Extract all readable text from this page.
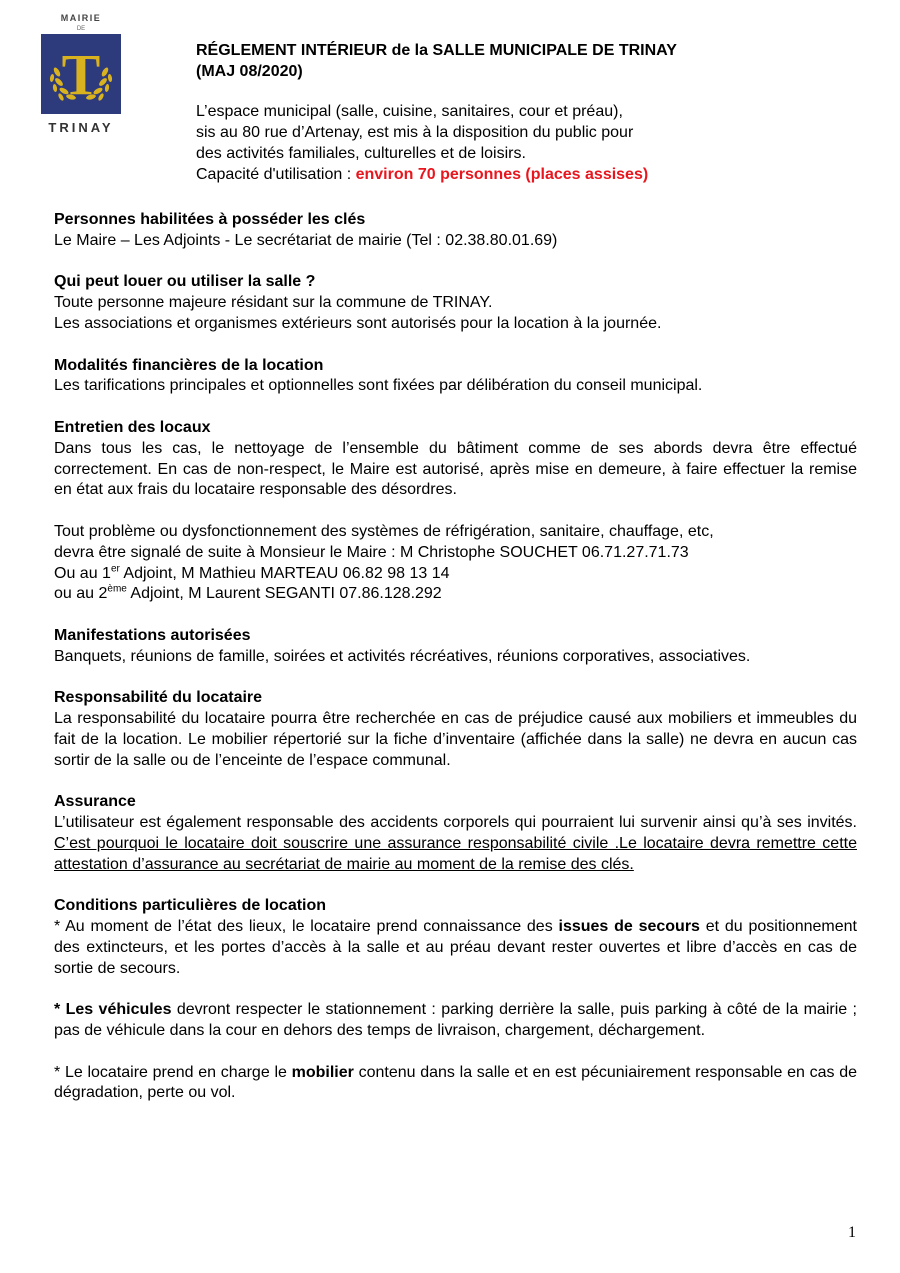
MAIRIE
DE
T
TRINAY
RÉGLEMENT INTÉRIEUR de la SALLE MUNICIPALE DE TRINAY
(MAJ 08/2020)
L’espace municipal (salle, cuisine, sanitaires, cour et préau),
sis au 80 rue d’Artenay, est mis à la disposition du public pour
des activités familiales, culturelles et de loisirs.
Capacité d'utilisation : environ 70 personnes (places assises)
Personnes habilitées à posséder les clés

Le Maire – Les Adjoints - Le secrétariat de mairie (Tel : 02.38.80.01.69)

Qui peut louer ou utiliser la salle ?

Toute personne majeure résidant sur la commune de TRINAY.

Les associations et organismes extérieurs sont autorisés pour la location à la journée.

Modalités financières de la location

Les tarifications principales et optionnelles sont fixées par délibération du conseil municipal.

Entretien des locaux

Dans tous les cas, le nettoyage de l’ensemble du bâtiment comme de ses abords devra être effectué correctement. En cas de non-respect, le Maire est autorisé, après mise en demeure, à faire effectuer la remise en état aux frais du locataire responsable des désordres.

Tout problème ou dysfonctionnement des systèmes de réfrigération, sanitaire, chauffage, etc,

devra être signalé de suite à Monsieur le Maire : M Christophe SOUCHET 06.71.27.71.73

Ou au 1er Adjoint, M Mathieu MARTEAU 06.82 98 13 14

ou au 2ème Adjoint, M Laurent SEGANTI 07.86.128.292

Manifestations autorisées

Banquets, réunions de famille, soirées et activités récréatives, réunions corporatives, associatives.

Responsabilité du locataire

La responsabilité du locataire pourra être recherchée en cas de préjudice causé aux mobiliers et immeubles du fait de la location. Le mobilier répertorié sur la fiche d’inventaire (affichée dans la salle) ne devra en aucun cas sortir de la salle ou de l’enceinte de l’espace communal.

Assurance

L’utilisateur est également responsable des accidents corporels qui pourraient lui survenir ainsi qu’à ses invités. C’est pourquoi le locataire doit souscrire une assurance responsabilité civile .Le locataire devra remettre cette attestation d’assurance au secrétariat de mairie au moment de la remise des clés.

Conditions particulières de location

* Au moment de l’état des lieux, le locataire prend connaissance des issues de secours et du positionnement des extincteurs, et les portes d’accès à la salle et au préau devant rester ouvertes et libre d’accès en cas de sortie de secours.

* Les véhicules devront respecter le stationnement : parking derrière la salle, puis parking à côté de la mairie ; pas de véhicule dans la cour en dehors des temps de livraison, chargement, déchargement.

* Le locataire prend en charge le mobilier contenu dans la salle et en est pécuniairement responsable en cas de dégradation, perte ou vol.

1
